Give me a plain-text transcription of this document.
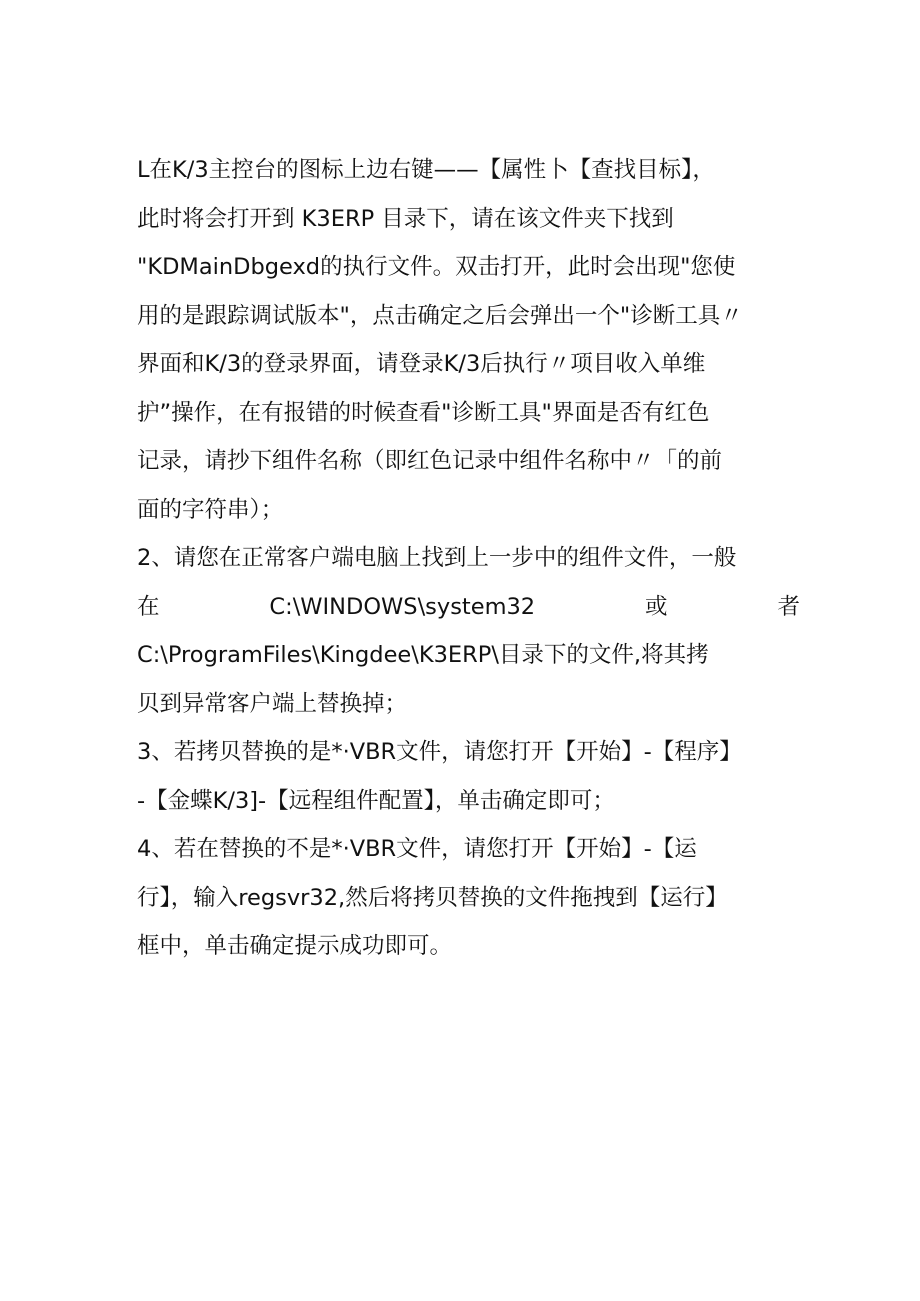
L在K/3主控台的图标上边右键——【属性卜【查找目标】，
此时将会打开到 K3ERP 目录下，请在该文件夹下找到
"KDMainDbgexd的执行文件。双击打开，此时会出现"您使
用的是跟踪调试版本"，点击确定之后会弹出一个"诊断工具〃
界面和K/3的登录界面，请登录K/3后执行〃项目收入单维
护”操作，在有报错的时候查看"诊断工具"界面是否有红色
记录，请抄下组件名称（即红色记录中组件名称中〃「的前
面的字符串）；
2、请您在正常客户端电脑上找到上一步中的组件文件，一般
在	C:\WINDOWS\system32	或	者
C:\ProgramFiles\Kingdee\K3ERP\目录下的文件,将其拷
贝到异常客户端上替换掉；
3、若拷贝替换的是*·VBR文件，请您打开【开始】-【程序】
-【金蝶K/3]-【远程组件配置】，单击确定即可；
4、若在替换的不是*·VBR文件，请您打开【开始】-【运
行】，输入regsvr32,然后将拷贝替换的文件拖拽到【运行】
框中，单击确定提示成功即可。
